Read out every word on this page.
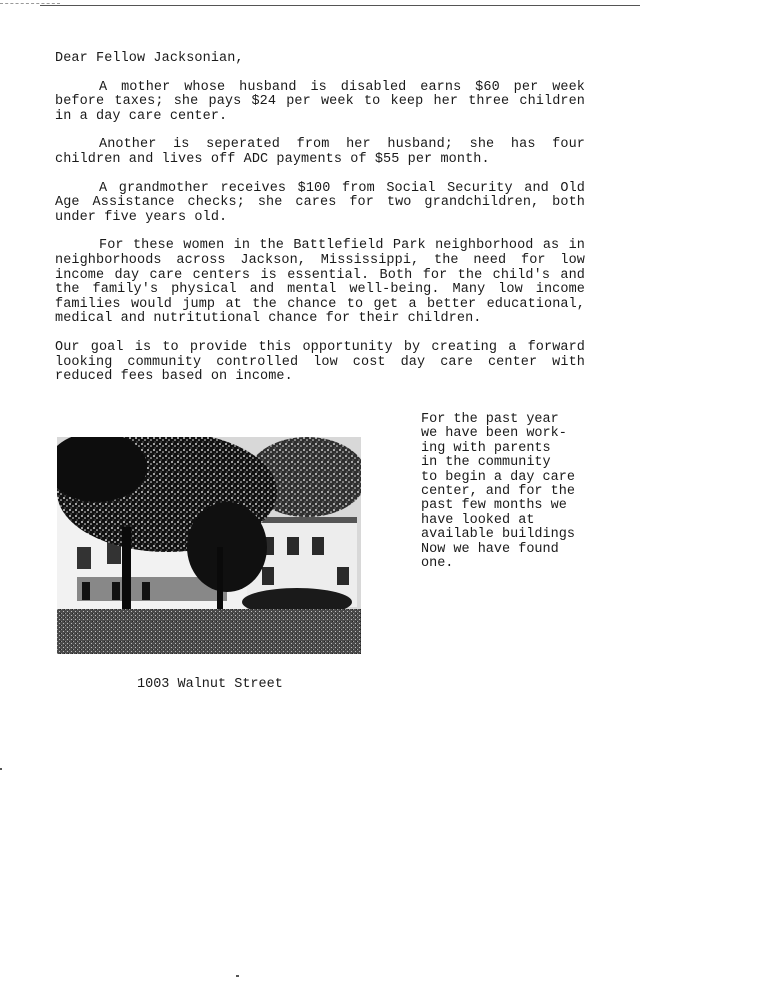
Dear Fellow Jacksonian,

A mother whose husband is disabled earns $60 per week before taxes; she pays $24 per week to keep her three children in a day care center.

Another is seperated from her husband; she has four children and lives off ADC payments of $55 per month.

A grandmother receives $100 from Social Security and Old Age Assistance checks; she cares for two grandchildren, both under five years old.

For these women in the Battlefield Park neighborhood as in neighborhoods across Jackson, Mississippi, the need for low income day care centers is essential. Both for the child's and the family's physical and mental well-being. Many low income families would jump at the chance to get a better educational, medical and nutritutional chance for their children.

Our goal is to provide this opportunity by creating a forward looking community controlled low cost day care center with reduced fees based on income.

1003 Walnut Street
For the past year
we have been work-
ing with parents
in the community
to begin a day care
center, and for the
past few months we
have looked at
available buildings
Now we have found
one.
